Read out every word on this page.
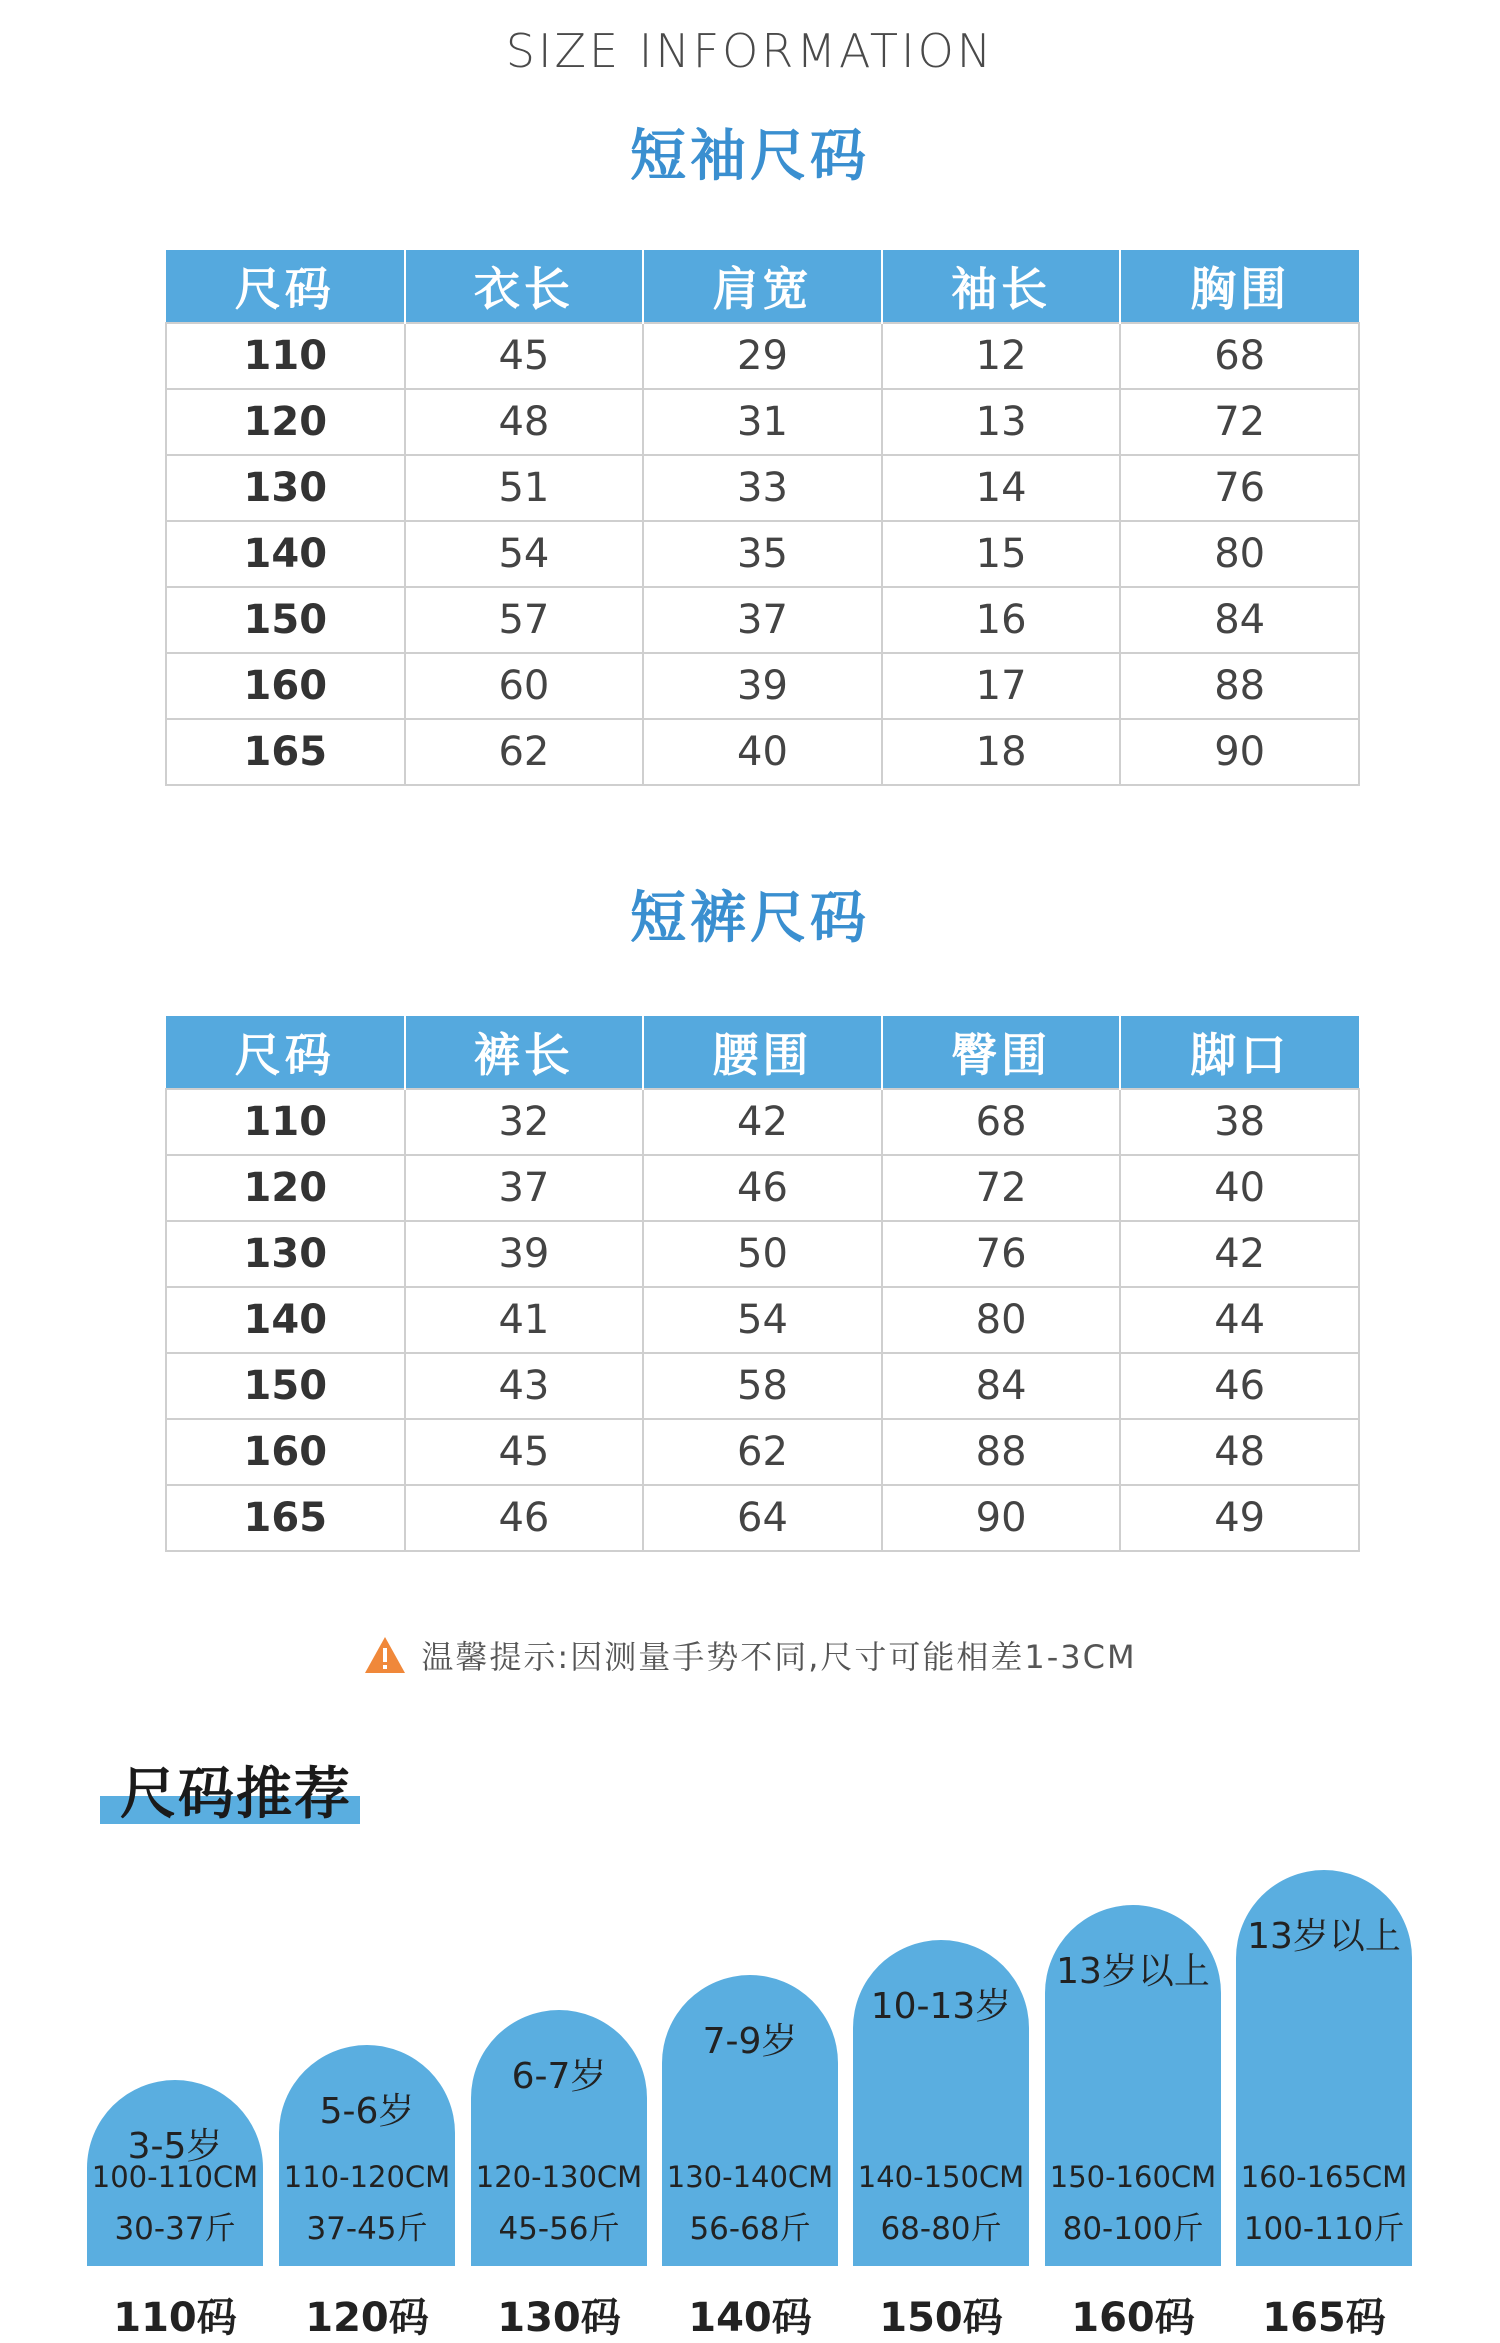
SIZE INFORMATION
短袖尺码
尺码	衣长	肩宽	袖长	胸围
110	45	29	12	68
120	48	31	13	72
130	51	33	14	76
140	54	35	15	80
150	57	37	16	84
160	60	39	17	88
165	62	40	18	90
短裤尺码
尺码	裤长	腰围	臀围	脚口
110	32	42	68	38
120	37	46	72	40
130	39	50	76	42
140	41	54	80	44
150	43	58	84	46
160	45	62	88	48
165	46	64	90	49
温馨提示:因测量手势不同,尺寸可能相差1-3CM
尺码推荐
3-5岁
100-110CM
30-37斤
110码
5-6岁
110-120CM
37-45斤
120码
6-7岁
120-130CM
45-56斤
130码
7-9岁
130-140CM
56-68斤
140码
10-13岁
140-150CM
68-80斤
150码
13岁以上
150-160CM
80-100斤
160码
13岁以上
160-165CM
100-110斤
165码
